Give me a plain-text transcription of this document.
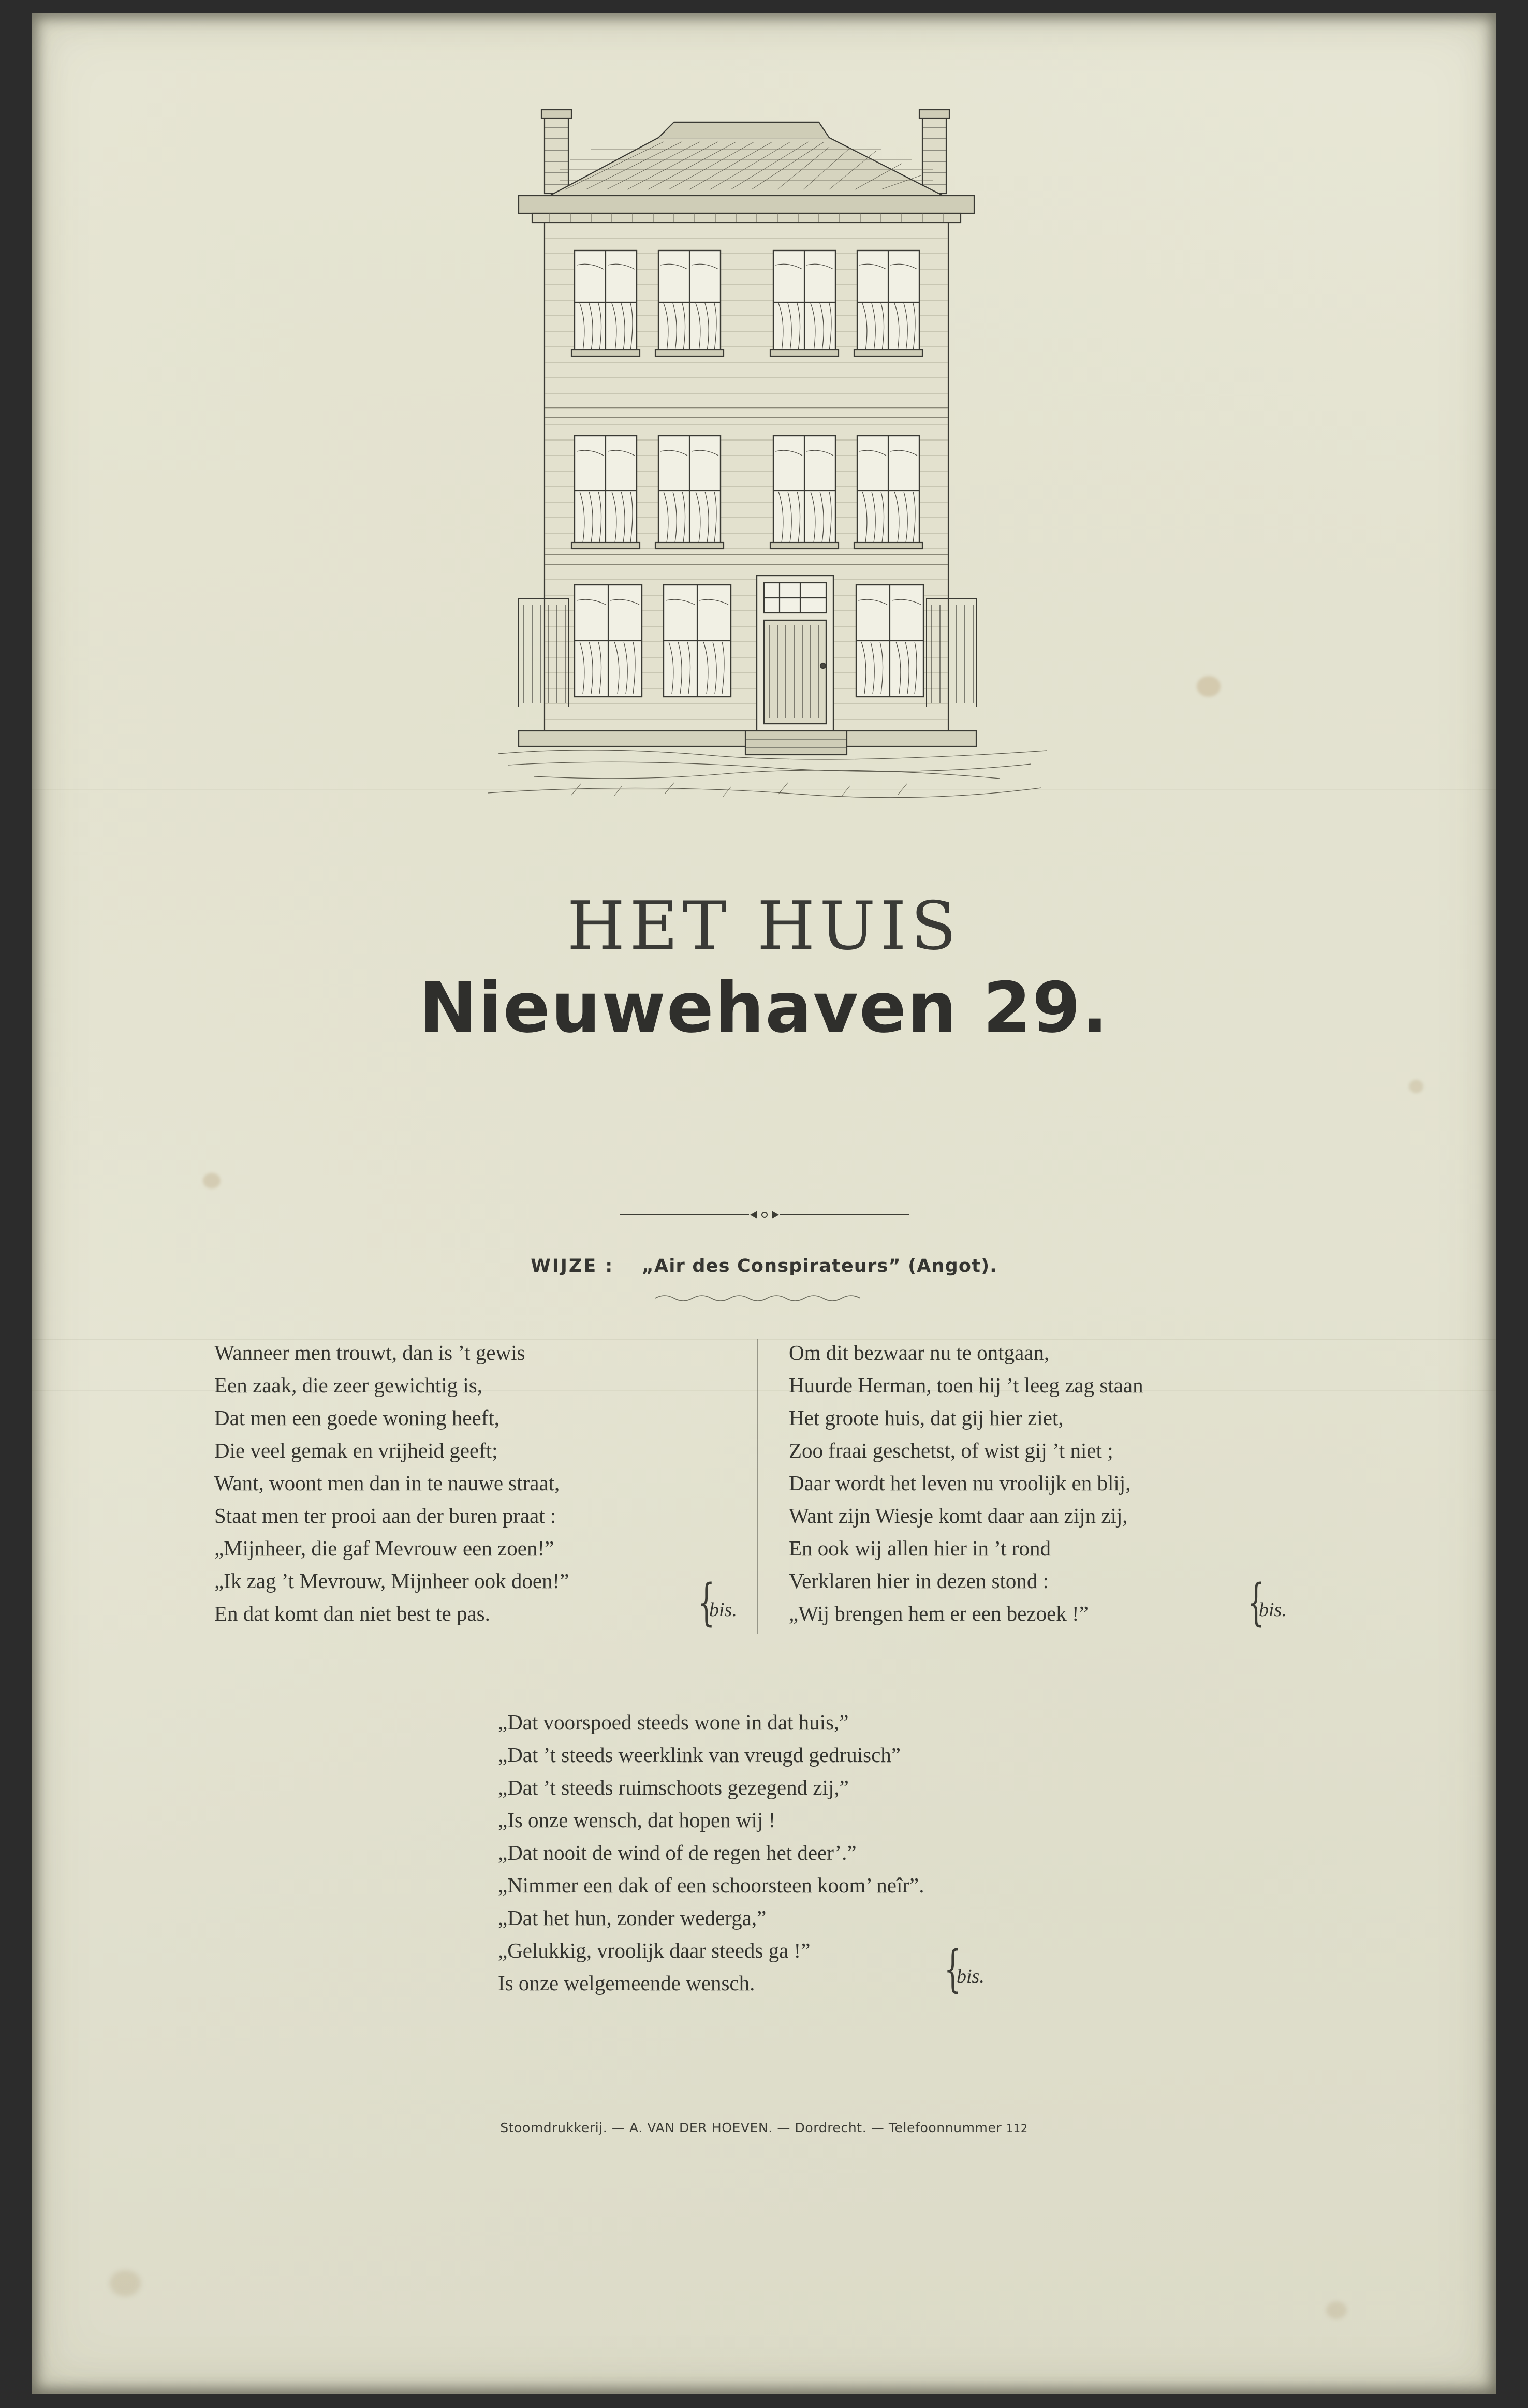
HET HUIS
Nieuwehaven 29.
WIJZE : „Air des Conspirateurs” (Angot).
Wanneer men trouwt, dan is ’t gewis
Een zaak, die zeer gewichtig is,
Dat men een goede woning heeft,
Die veel gemak en vrijheid geeft;
Want, woont men dan in te nauwe straat,
Staat men ter prooi aan der buren praat :
„Mijnheer, die gaf Mevrouw een zoen!”
„Ik zag ’t Mevrouw, Mijnheer ook doen!”
En dat komt dan niet best te pas.	{
bis.
Om dit bezwaar nu te ontgaan,
Huurde Herman, toen hij ’t leeg zag staan
Het groote huis, dat gij hier ziet,
Zoo fraai geschetst, of wist gij ’t niet ;
Daar wordt het leven nu vroolijk en blij,
Want zijn Wiesje komt daar aan zijn zij,
En ook wij allen hier in ’t rond
Verklaren hier in dezen stond :
„Wij brengen hem er een bezoek !”	{
bis.
„Dat voorspoed steeds wone in dat huis,”
„Dat ’t steeds weerklink van vreugd gedruisch”
„Dat ’t steeds ruimschoots gezegend zij,”
„Is onze wensch, dat hopen wij !
„Dat nooit de wind of de regen het deer’.”
„Nimmer een dak of een schoorsteen koom’ neîr”.
„Dat het hun, zonder wederga,”
„Gelukkig, vroolijk daar steeds ga !”
Is onze welgemeende wensch.	{
bis.
Stoomdrukkerij. — A. VAN DER HOEVEN. — Dordrecht. — Telefoonnummer 112
